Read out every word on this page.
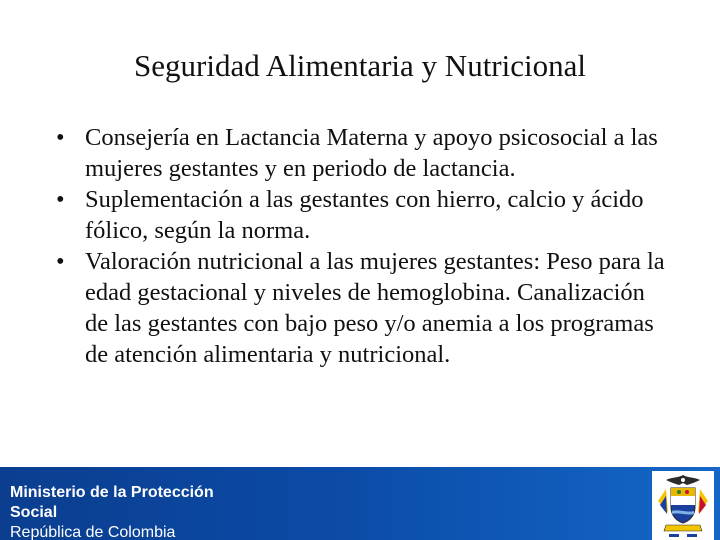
Seguridad Alimentaria y Nutricional
• Consejería en Lactancia Materna y apoyo psicosocial a las mujeres gestantes y en periodo de lactancia.
• Suplementación a las gestantes con hierro, calcio y ácido fólico, según la norma.
• Valoración nutricional a las mujeres gestantes: Peso para la edad gestacional y niveles de hemoglobina. Canalización de las gestantes con bajo peso y/o anemia a los programas de atención alimentaria y nutricional.
Ministerio de la Protección
Social
República de Colombia
